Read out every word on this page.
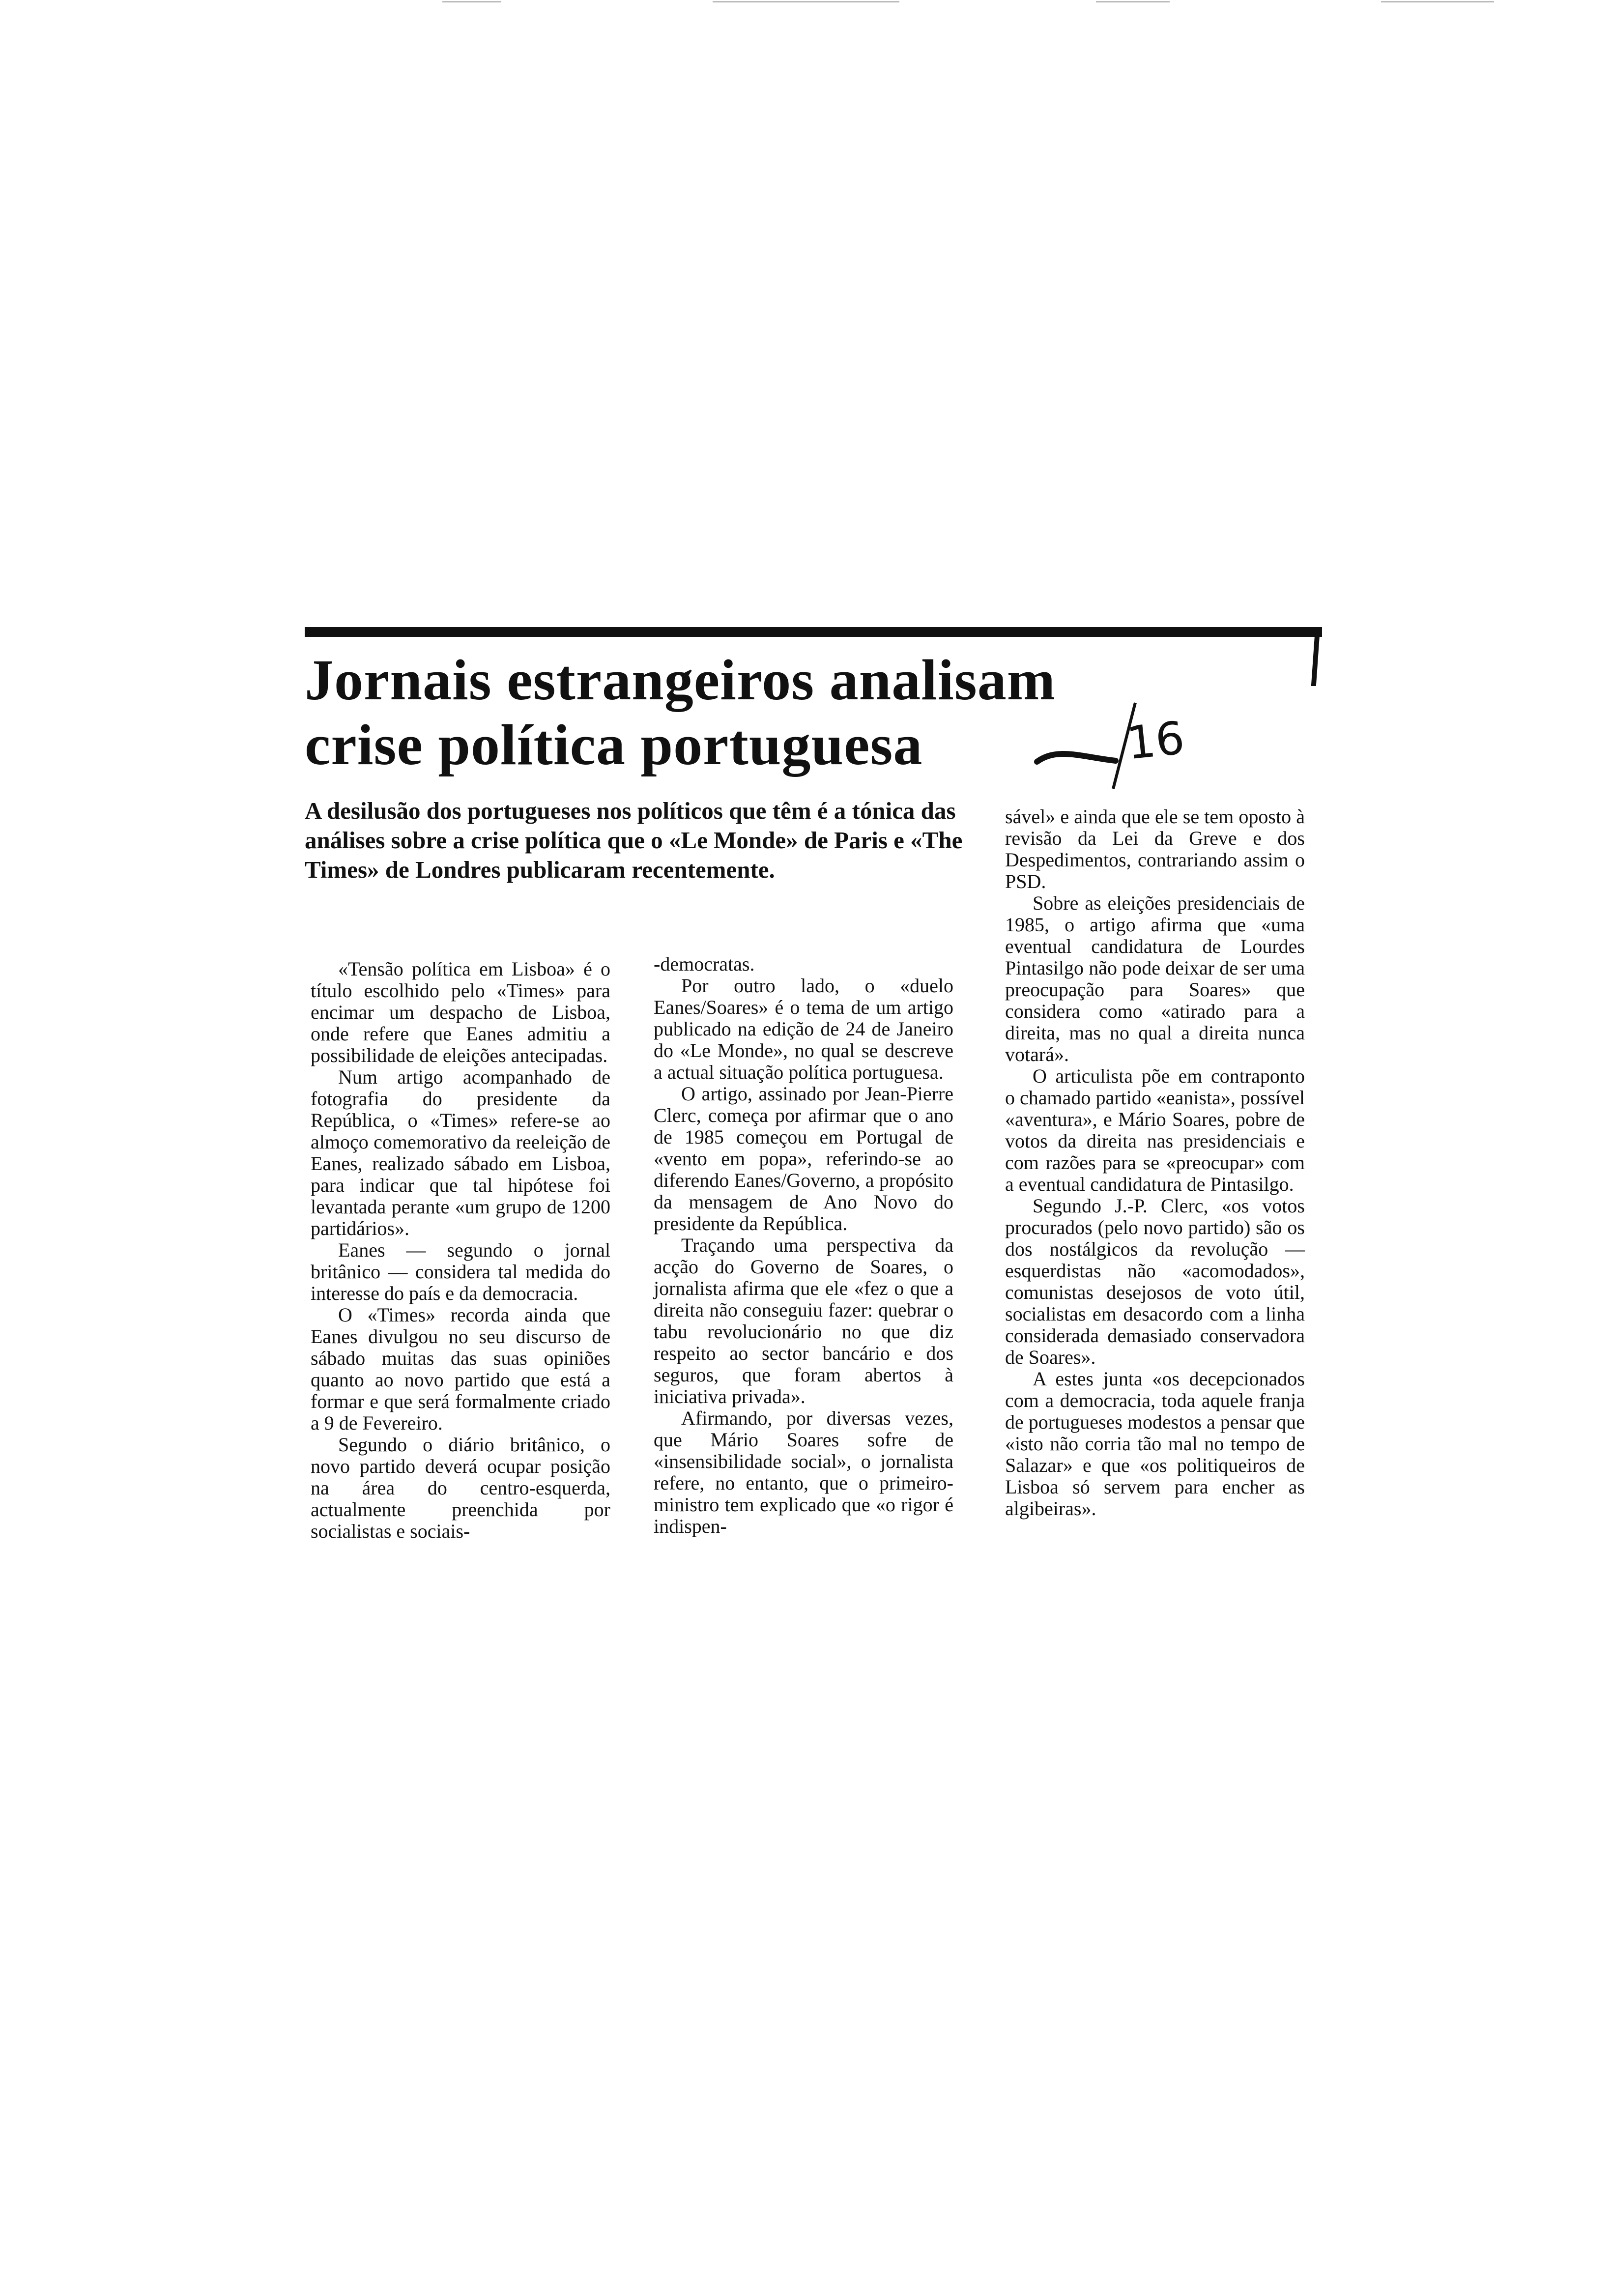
Jornais estrangeiros analisam
crise política portuguesa	16

A desilusão dos portugueses nos políticos que têm é a tónica das análises sobre a crise política que o «Le Monde» de Paris e «The Times» de Londres publicaram recentemente.

«Tensão política em Lisboa» é o título escolhido pelo «Times» para encimar um despacho de Lisboa, onde refere que Eanes admitiu a possibilidade de eleições antecipadas.

Num artigo acompanhado de fotografia do presidente da República, o «Times» refere-se ao almoço comemorativo da reeleição de Eanes, realizado sábado em Lisboa, para indicar que tal hipótese foi levantada perante «um grupo de 1200 partidários».

Eanes — segundo o jornal britânico — considera tal medida do interesse do país e da democracia.

O «Times» recorda ainda que Eanes divulgou no seu discurso de sábado muitas das suas opiniões quanto ao novo partido que está a formar e que será formalmente criado a 9 de Fevereiro.

Segundo o diário britânico, o novo partido deverá ocupar posição na área do centro-esquerda, actualmente preenchida por socialistas e sociais-

-democratas.

Por outro lado, o «duelo Eanes/Soares» é o tema de um artigo publicado na edição de 24 de Janeiro do «Le Monde», no qual se descreve a actual situação política portuguesa.

O artigo, assinado por Jean-Pierre Clerc, começa por afirmar que o ano de 1985 começou em Portugal de «vento em popa», referindo-se ao diferendo Eanes/Governo, a propósito da mensagem de Ano Novo do presidente da República.

Traçando uma perspectiva da acção do Governo de Soares, o jornalista afirma que ele «fez o que a direita não conseguiu fazer: quebrar o tabu revolucionário no que diz respeito ao sector bancário e dos seguros, que foram abertos à iniciativa privada».

Afirmando, por diversas vezes, que Mário Soares sofre de «insensibilidade social», o jornalista refere, no entanto, que o primeiro-ministro tem explicado que «o rigor é indispen-

sável» e ainda que ele se tem oposto à revisão da Lei da Greve e dos Despedimentos, contrariando assim o PSD.

Sobre as eleições presidenciais de 1985, o artigo afirma que «uma eventual candidatura de Lourdes Pintasilgo não pode deixar de ser uma preocupação para Soares» que considera como «atirado para a direita, mas no qual a direita nunca votará».

O articulista põe em contraponto o chamado partido «eanista», possível «aventura», e Mário Soares, pobre de votos da direita nas presidenciais e com razões para se «preocupar» com a eventual candidatura de Pintasilgo.

Segundo J.-P. Clerc, «os votos procurados (pelo novo partido) são os dos nostálgicos da revolução — esquerdistas não «acomodados», comunistas desejosos de voto útil, socialistas em desacordo com a linha considerada demasiado conservadora de Soares».

A estes junta «os decepcionados com a democracia, toda aquele franja de portugueses modestos a pensar que «isto não corria tão mal no tempo de Salazar» e que «os politiqueiros de Lisboa só servem para encher as algibeiras».
